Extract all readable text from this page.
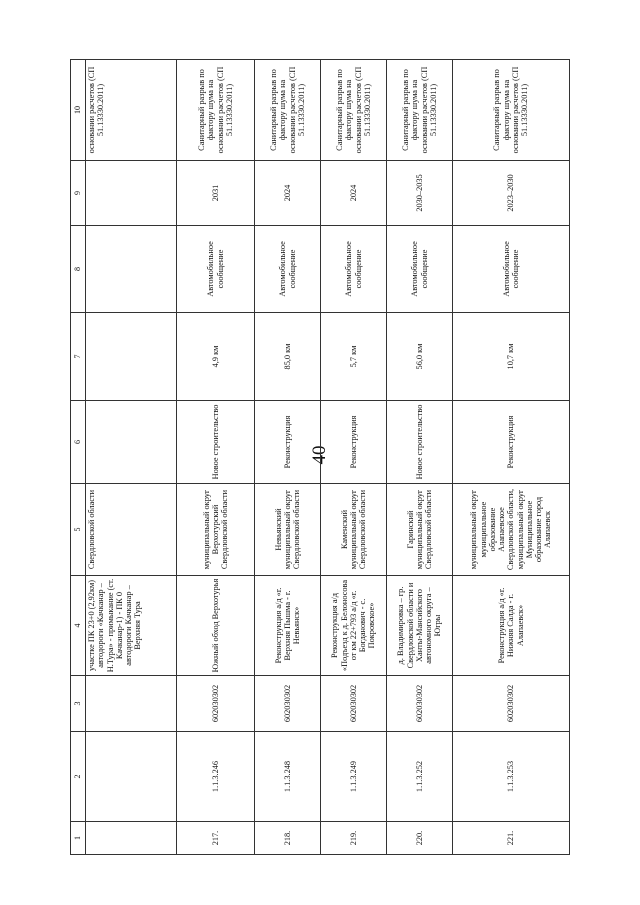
40
1	2	3	4	5	6	7	8	9	10
			участке ПК 23+0 (2,92км) автодороги «Качканар – Н.Тура» - примыкание (ст. Качканар-1) - ПК 0 автодороги Качканар – Верхняя Тура	Свердловской области					основании расчетов (СП 51.13330.2011)
217.	1.1.3.246	602030302	Южный обход Верхотурья	муниципальный округ Верхотурский Свердловской области	Новое строительство	4,9 км	Автомобильное сообщение	2031	Санитарный разрыв по фактору шума на основании расчетов (СП 51.13330.2011)
218.	1.1.3.248	602030302	Реконструкция а/д «г. Верхняя Пышма - г. Невьянск»	Невьянский муниципальный округ Свердловской области	Реконструкция	85,0 км	Автомобильное сообщение	2024	Санитарный разрыв по фактору шума на основании расчетов (СП 51.13330.2011)
219.	1.1.3.249	602030302	Реконструкция а/д «Подъезд к д. Белоносова от км 22+793 а/д «г. Богданович - с. Покровское»	Каменский муниципальный округ Свердловской области	Реконструкция	5,7 км	Автомобильное сообщение	2024	Санитарный разрыв по фактору шума на основании расчетов (СП 51.13330.2011)
220.	1.1.3.252	602030302	д. Владимировка – гр. Свердловской области и Ханты-Мансийского автономного округа – Югры	Гаринский муниципальный округ Свердловской области	Новое строительство	56,0 км	Автомобильное сообщение	2030–2035	Санитарный разрыв по фактору шума на основании расчетов (СП 51.13330.2011)
221.	1.1.3.253	602030302	Реконструкция а/д «г. Нижняя Салда - г. Алапаевск»	муниципальный округ муниципальное образование Алапаевское Свердловской области, муниципальный округ Муниципальное образование город Алапаевск	Реконструкция	10,7 км	Автомобильное сообщение	2023–2030	Санитарный разрыв по фактору шума на основании расчетов (СП 51.13330.2011)
